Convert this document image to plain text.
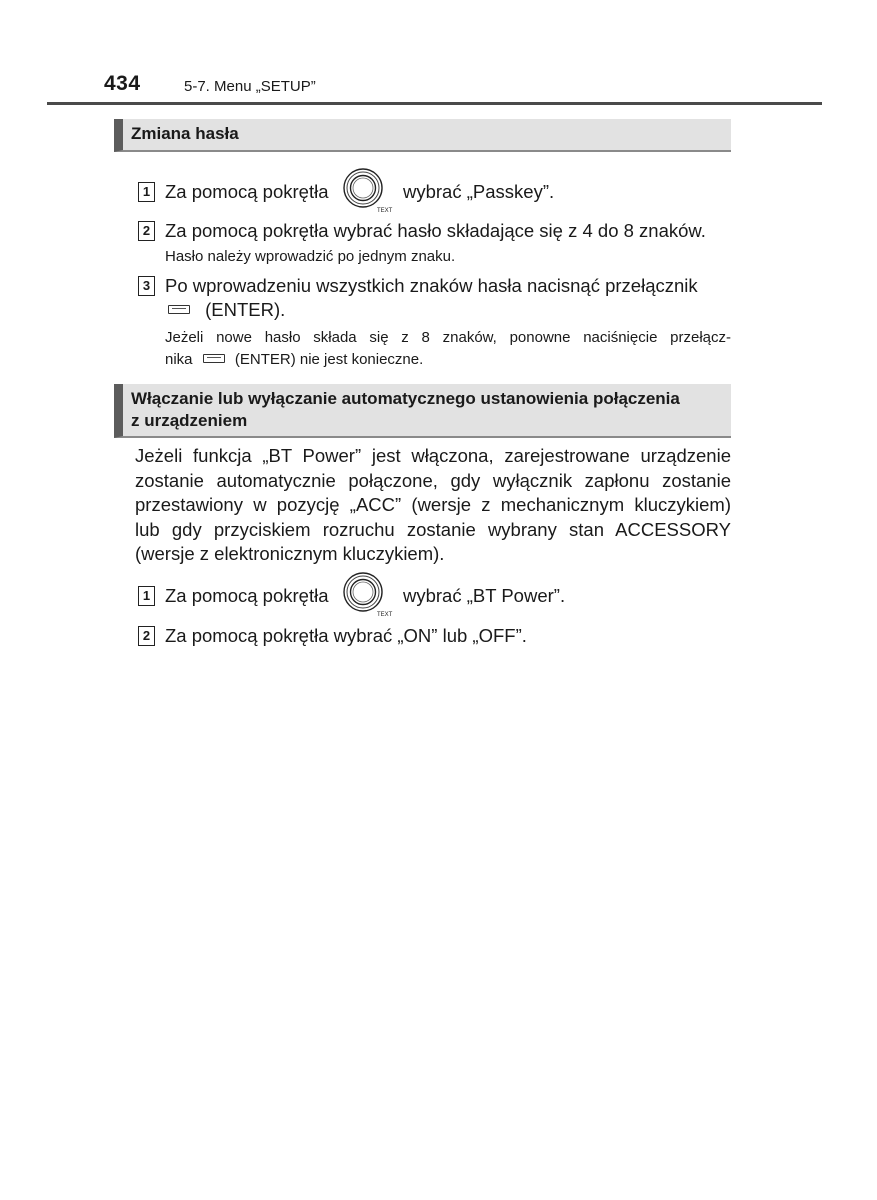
434	5-7. Menu „SETUP”
Zmiana hasła
1 Za pomocą pokrętła	wybrać „Passkey”.
TEXT
2 Za pomocą pokrętła wybrać hasło składające się z 4 do 8 znaków.
Hasło należy wprowadzić po jednym znaku.
3 Po wprowadzeniu wszystkich znaków hasła nacisnąć przełącznik
(ENTER).
Jeżeli nowe hasło składa się z 8 znaków, ponowne naciśnięcie przełącz-
nika	(ENTER) nie jest konieczne.
Włączanie lub wyłączanie automatycznego ustanowienia połączenia
z urządzeniem
Jeżeli funkcja „BT Power” jest włączona, zarejestrowane urządzenie
zostanie automatycznie połączone, gdy wyłącznik zapłonu zostanie
przestawiony w pozycję „ACC” (wersje z mechanicznym kluczykiem)
lub gdy przyciskiem rozruchu zostanie wybrany stan ACCESSORY
(wersje z elektronicznym kluczykiem).
1 Za pomocą pokrętła	wybrać „BT Power”.
TEXT
2 Za pomocą pokrętła wybrać „ON” lub „OFF”.
